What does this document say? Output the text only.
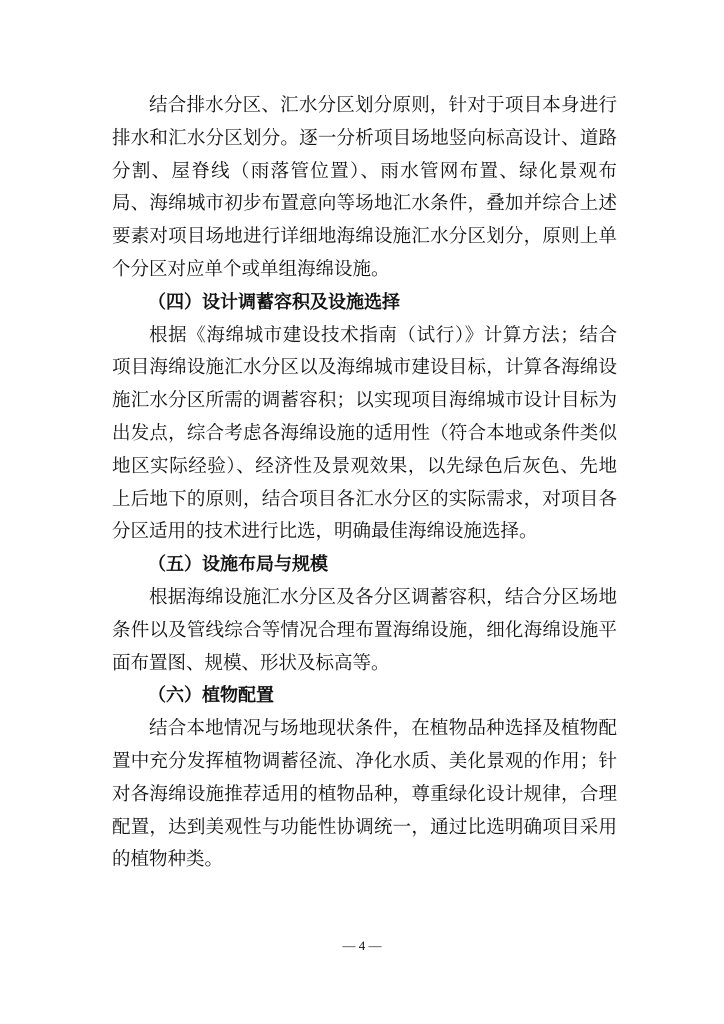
结合排水分区、汇水分区划分原则，针对于项目本身进行排水和汇水分区划分。逐一分析项目场地竖向标高设计、道路分割、屋脊线（雨落管位置）、雨水管网布置、绿化景观布局、海绵城市初步布置意向等场地汇水条件，叠加并综合上述要素对项目场地进行详细地海绵设施汇水分区划分，原则上单个分区对应单个或单组海绵设施。

（四）设计调蓄容积及设施选择

根据《海绵城市建设技术指南（试行）》计算方法；结合项目海绵设施汇水分区以及海绵城市建设目标，计算各海绵设施汇水分区所需的调蓄容积；以实现项目海绵城市设计目标为出发点，综合考虑各海绵设施的适用性（符合本地或条件类似地区实际经验）、经济性及景观效果，以先绿色后灰色、先地上后地下的原则，结合项目各汇水分区的实际需求，对项目各分区适用的技术进行比选，明确最佳海绵设施选择。

（五）设施布局与规模

根据海绵设施汇水分区及各分区调蓄容积，结合分区场地条件以及管线综合等情况合理布置海绵设施，细化海绵设施平面布置图、规模、形状及标高等。

（六）植物配置

结合本地情况与场地现状条件，在植物品种选择及植物配置中充分发挥植物调蓄径流、净化水质、美化景观的作用；针对各海绵设施推荐适用的植物品种，尊重绿化设计规律，合理配置，达到美观性与功能性协调统一，通过比选明确项目采用的植物种类。

— 4 —
